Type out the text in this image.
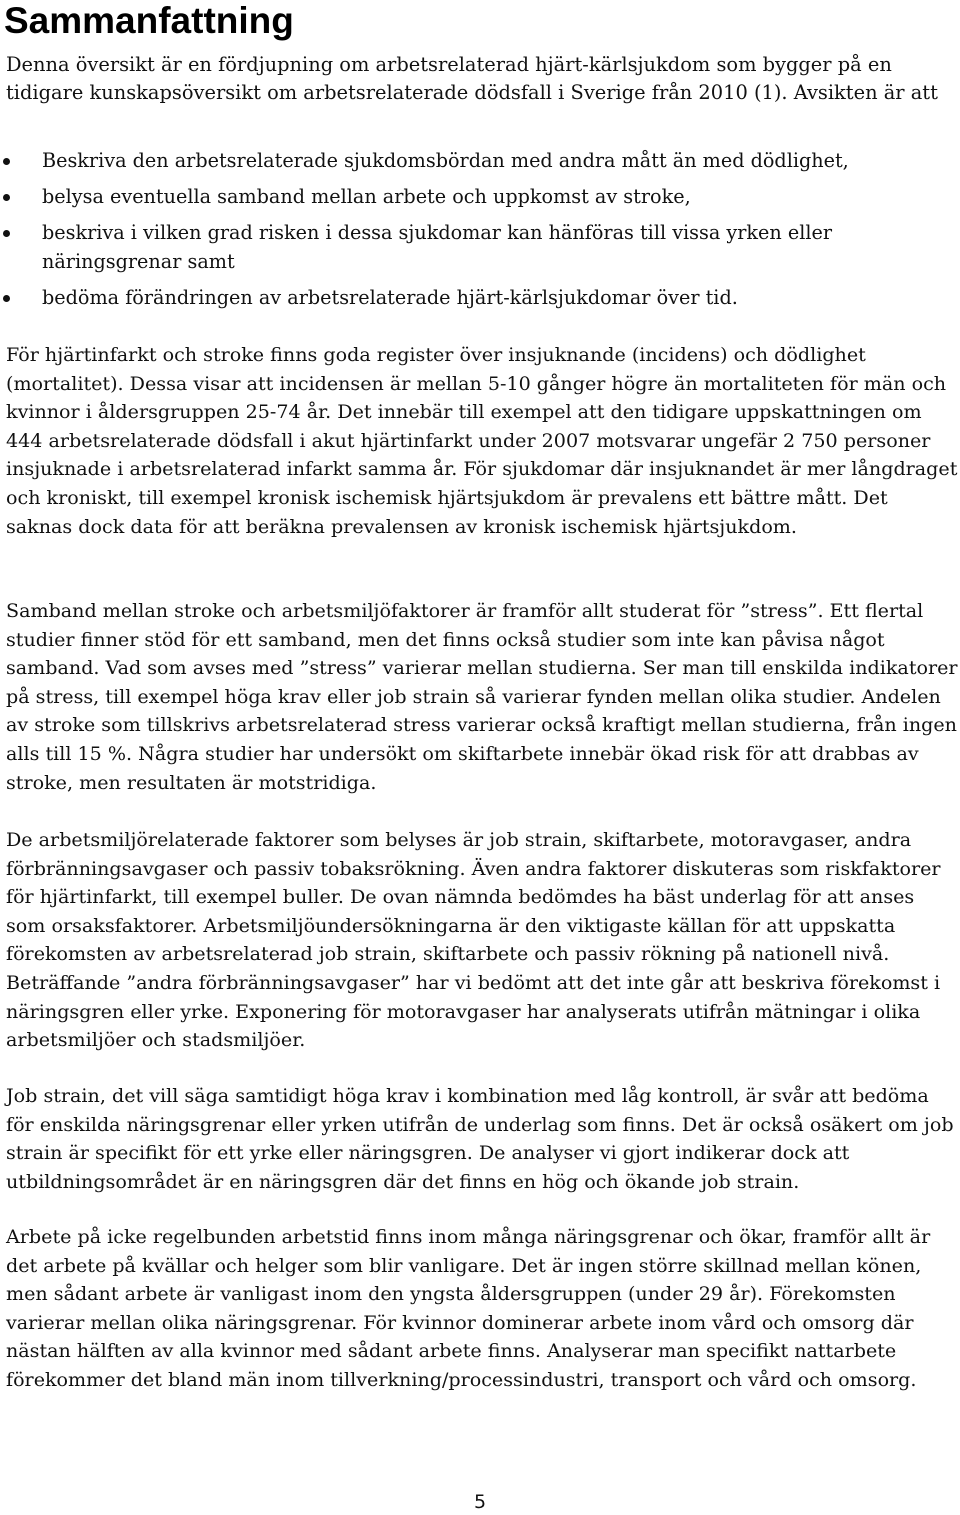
Sammanfattning

Denna översikt är en fördjupning om arbetsrelaterad hjärt-kärlsjukdom som bygger på en tidigare kunskapsöversikt om arbetsrelaterade dödsfall i Sverige från 2010 (1). Avsikten är att

Beskriva den arbetsrelaterade sjukdomsbördan med andra mått än med dödlighet,
belysa eventuella samband mellan arbete och uppkomst av stroke,
beskriva i vilken grad risken i dessa sjukdomar kan hänföras till vissa yrken eller näringsgrenar samt
bedöma förändringen av arbetsrelaterade hjärt-kärlsjukdomar över tid.

För hjärtinfarkt och stroke finns goda register över insjuknande (incidens) och dödlighet (mortalitet). Dessa visar att incidensen är mellan 5-10 gånger högre än mortaliteten för män och kvinnor i åldersgruppen 25-74 år. Det innebär till exempel att den tidigare uppskattningen om 444 arbetsrelaterade dödsfall i akut hjärtinfarkt under 2007 motsvarar ungefär 2 750 personer insjuknade i arbetsrelaterad infarkt samma år. För sjukdomar där insjuknandet är mer långdraget och kroniskt, till exempel kronisk ischemisk hjärtsjukdom är prevalens ett bättre mått. Det saknas dock data för att beräkna prevalensen av kronisk ischemisk hjärtsjukdom.

Samband mellan stroke och arbetsmiljöfaktorer är framför allt studerat för ”stress”. Ett flertal studier finner stöd för ett samband, men det finns också studier som inte kan påvisa något samband. Vad som avses med ”stress” varierar mellan studierna. Ser man till enskilda indikatorer på stress, till exempel höga krav eller job strain så varierar fynden mellan olika studier. Andelen av stroke som tillskrivs arbetsrelaterad stress varierar också kraftigt mellan studierna, från ingen alls till 15 %. Några studier har undersökt om skiftarbete innebär ökad risk för att drabbas av stroke, men resultaten är motstridiga.

De arbetsmiljörelaterade faktorer som belyses är job strain, skiftarbete, motoravgaser, andra förbränningsavgaser och passiv tobaksrökning. Även andra faktorer diskuteras som riskfaktorer för hjärtinfarkt, till exempel buller. De ovan nämnda bedömdes ha bäst underlag för att anses som orsaksfaktorer. Arbetsmiljöundersökningarna är den viktigaste källan för att uppskatta förekomsten av arbetsrelaterad job strain, skiftarbete och passiv rökning på nationell nivå. Beträffande ”andra förbränningsavgaser” har vi bedömt att det inte går att beskriva förekomst i näringsgren eller yrke. Exponering för motoravgaser har analyserats utifrån mätningar i olika arbetsmiljöer och stadsmiljöer.

Job strain, det vill säga samtidigt höga krav i kombination med låg kontroll, är svår att bedöma för enskilda näringsgrenar eller yrken utifrån de underlag som finns. Det är också osäkert om job strain är specifikt för ett yrke eller näringsgren. De analyser vi gjort indikerar dock att utbildningsområdet är en näringsgren där det finns en hög och ökande job strain.

Arbete på icke regelbunden arbetstid finns inom många näringsgrenar och ökar, framför allt är det arbete på kvällar och helger som blir vanligare. Det är ingen större skillnad mellan könen, men sådant arbete är vanligast inom den yngsta åldersgruppen (under 29 år). Förekomsten varierar mellan olika näringsgrenar. För kvinnor dominerar arbete inom vård och omsorg där nästan hälften av alla kvinnor med sådant arbete finns. Analyserar man specifikt nattarbete förekommer det bland män inom tillverkning/processindustri, transport och vård och omsorg.

5
